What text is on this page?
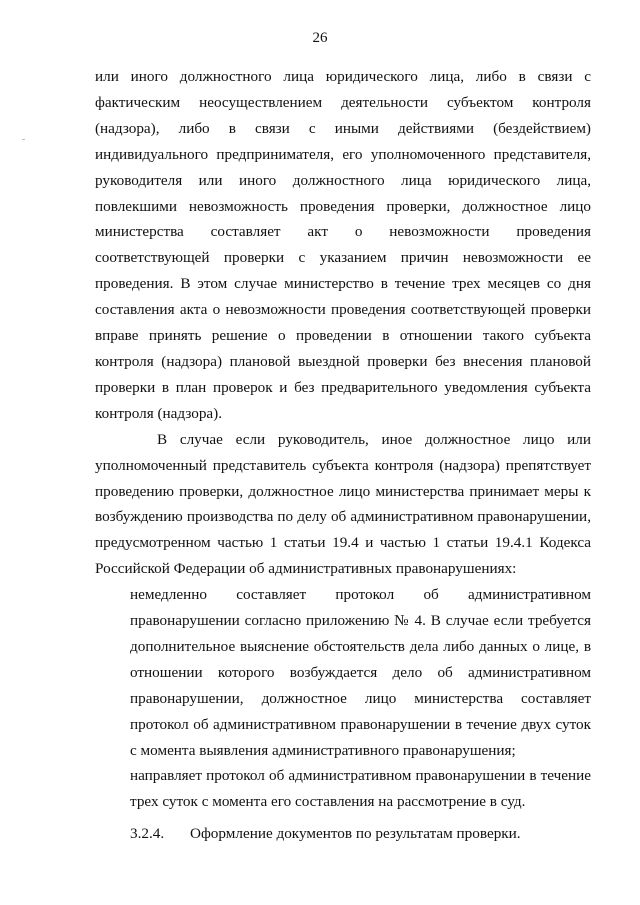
26

или иного должностного лица юридического лица, либо в связи с фактическим неосуществлением деятельности субъектом контроля (надзора), либо в связи с иными действиями (бездействием) индивидуального предпринимателя, его уполномоченного представителя, руководителя или иного должностного лица юридического лица, повлекшими невозможность проведения проверки, должностное лицо министерства составляет акт о невозможности проведения соответствующей проверки с указанием причин невозможности ее проведения. В этом случае министерство в течение трех месяцев со дня составления акта о невозможности проведения соответствующей проверки вправе принять решение о проведении в отношении такого субъекта контроля (надзора) плановой выездной проверки без внесения плановой проверки в план проверок и без предварительного уведомления субъекта контроля (надзора).

В случае если руководитель, иное должностное лицо или уполномоченный представитель субъекта контроля (надзора) препятствует проведению проверки, должностное лицо министерства принимает меры к возбуждению производства по делу об административном правонарушении, предусмотренном частью 1 статьи 19.4 и частью 1 статьи 19.4.1 Кодекса Российской Федерации об административных правонарушениях:

немедленно составляет протокол об административном правонарушении согласно приложению № 4. В случае если требуется дополнительное выяснение обстоятельств дела либо данных о лице, в отношении которого возбуждается дело об административном правонарушении, должностное лицо министерства составляет протокол об административном правонарушении в течение двух суток с момента выявления административного правонарушения;

направляет протокол об административном правонарушении в течение трех суток с момента его составления на рассмотрение в суд.

3.2.4. Оформление документов по результатам проверки.
